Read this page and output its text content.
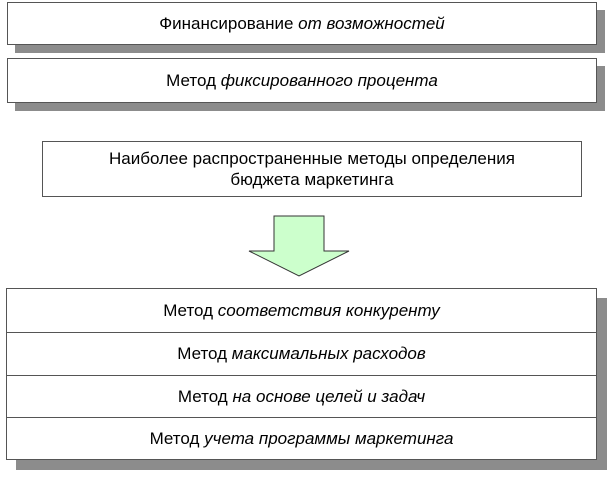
Финансирование от возможностей
Метод фиксированного процента
Наиболее распространенные методы определения
бюджета маркетинга
Метод
соответствия конкуренту
Метод
максимальных расходов
Метод
на основе целей и задач
Метод
учета программы маркетинга
